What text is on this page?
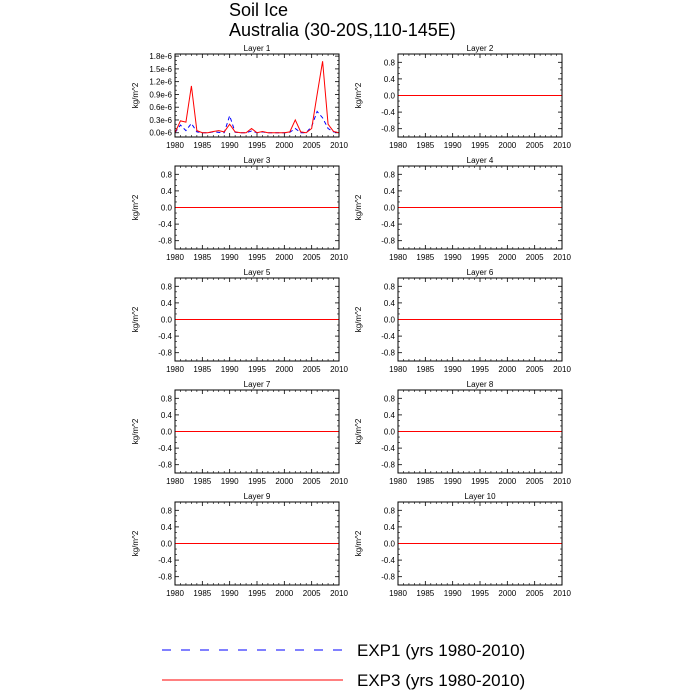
Soil Ice
Australia (30-20S,110-145E)
Layer 1
kg/m^2
1980 1985 1990 1995 2000 2005 2010
0.0e-6
0.3e-6
0.6e-6
0.9e-6
1.2e-6
1.5e-6
1.8e-6
Layer 2
kg/m^2
1980 1985 1990 1995 2000 2005 2010
0.8
0.4
0.0
-0.4
-0.8
Layer 3
kg/m^2
1980 1985 1990 1995 2000 2005 2010
0.8
0.4
0.0
-0.4
-0.8
Layer 4
kg/m^2
1980 1985 1990 1995 2000 2005 2010
0.8
0.4
0.0
-0.4
-0.8
Layer 5
kg/m^2
1980 1985 1990 1995 2000 2005 2010
0.8
0.4
0.0
-0.4
-0.8
Layer 6
kg/m^2
1980 1985 1990 1995 2000 2005 2010
0.8
0.4
0.0
-0.4
-0.8
Layer 7
kg/m^2
1980 1985 1990 1995 2000 2005 2010
0.8
0.4
0.0
-0.4
-0.8
Layer 8
kg/m^2
1980 1985 1990 1995 2000 2005 2010
0.8
0.4
0.0
-0.4
-0.8
Layer 9
kg/m^2
1980 1985 1990 1995 2000 2005 2010
0.8
0.4
0.0
-0.4
-0.8
Layer 10
kg/m^2
1980 1985 1990 1995 2000 2005 2010
0.8
0.4
0.0
-0.4
-0.8
EXP1 (yrs 1980-2010)
EXP3 (yrs 1980-2010)
